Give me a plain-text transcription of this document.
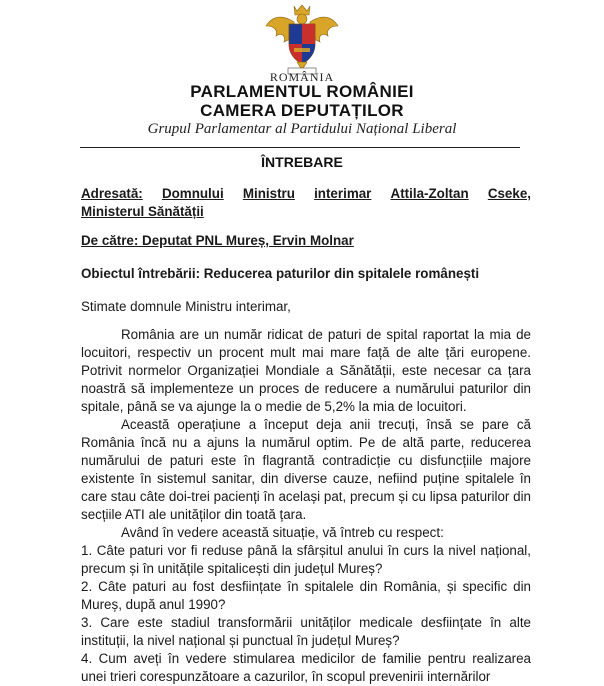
ROMÂNIA
PARLAMENTUL ROMÂNIEI
CAMERA DEPUTAȚILOR
Grupul Parlamentar al Partidului Național Liberal
ÎNTREBARE
Adresată: Domnului Ministru interimar Attila-Zoltan Cseke,
Ministerul Sănătății
De către: Deputat PNL Mureș, Ervin Molnar
Obiectul întrebării: Reducerea paturilor din spitalele românești
Stimate domnule Ministru interimar,

România are un număr ridicat de paturi de spital raportat la mia de locuitori, respectiv un procent mult mai mare față de alte țări europene. Potrivit normelor Organizației Mondiale a Sănătății, este necesar ca țara noastră să implementeze un proces de reducere a numărului paturilor din spitale, până se va ajunge la o medie de 5,2% la mia de locuitori.

Această operațiune a început deja anii trecuți, însă se pare că România încă nu a ajuns la numărul optim. Pe de altă parte, reducerea numărului de paturi este în flagrantă contradicție cu disfuncțiile majore existente în sistemul sanitar, din diverse cauze, nefiind puține spitalele în care stau câte doi-trei pacienți în același pat, precum și cu lipsa paturilor din secțiile ATI ale unităților din toată țara.

Având în vedere această situație, vă întreb cu respect:

1. Câte paturi vor fi reduse până la sfârșitul anului în curs la nivel național, precum și în unitățile spitalicești din județul Mureș?

2. Câte paturi au fost desființate în spitalele din România, și specific din Mureș, după anul 1990?

3. Care este stadiul transformării unităților medicale desființate în alte instituții, la nivel național și punctual în județul Mureș?

4. Cum aveți în vedere stimularea medicilor de familie pentru realizarea unei trieri corespunzătoare a cazurilor, în scopul prevenirii internărilor
